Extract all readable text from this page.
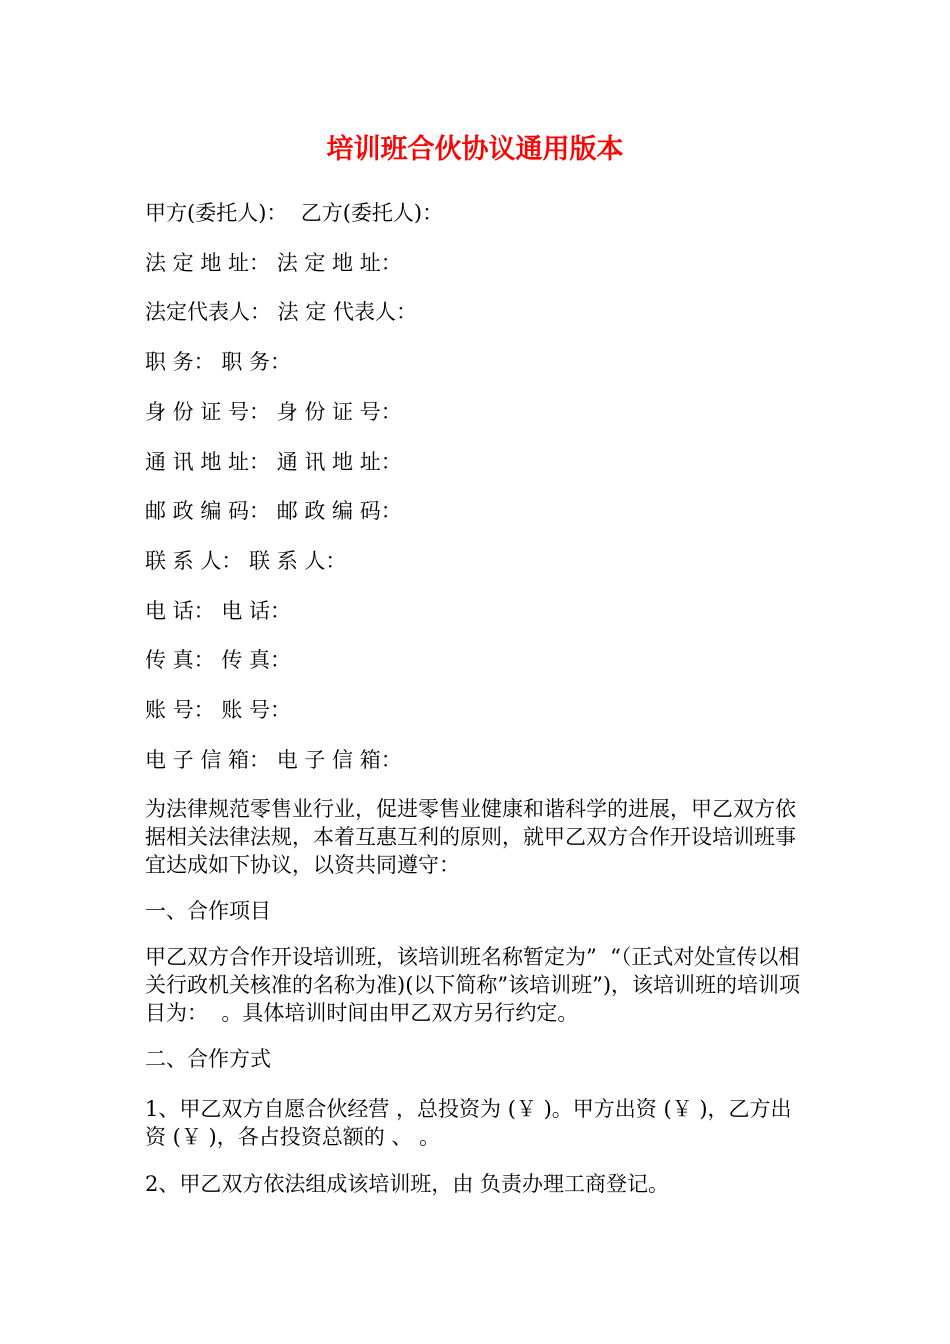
培训班合伙协议通用版本

甲方(委托人)：  乙方(委托人)：

法 定 地 址： 法 定 地 址：

法定代表人： 法 定 代表人：

职 务： 职 务：

身 份 证 号： 身 份 证 号：

通 讯 地 址： 通 讯 地 址：

邮 政 编 码： 邮 政 编 码：

联 系 人： 联 系 人：

电 话： 电 话：

传 真： 传 真：

账 号： 账 号：

电 子 信 箱： 电 子 信 箱：

为法律规范零售业行业，促进零售业健康和谐科学的进展，甲乙双方依据相关法律法规，本着互惠互利的原则，就甲乙双方合作开设培训班事宜达成如下协议，以资共同遵守：

一、合作项目

甲乙双方合作开设培训班，该培训班名称暂定为”  “（正式对处宣传以相关行政机关核准的名称为准)(以下简称”该培训班”)，该培训班的培训项目为：  。具体培训时间由甲乙双方另行约定。

二、合作方式

1、甲乙双方自愿合伙经营 ，总投资为 (￥ )。甲方出资 (￥ )，乙方出资 (￥ )，各占投资总额的 、 。

2、甲乙双方依法组成该培训班，由 负责办理工商登记。
